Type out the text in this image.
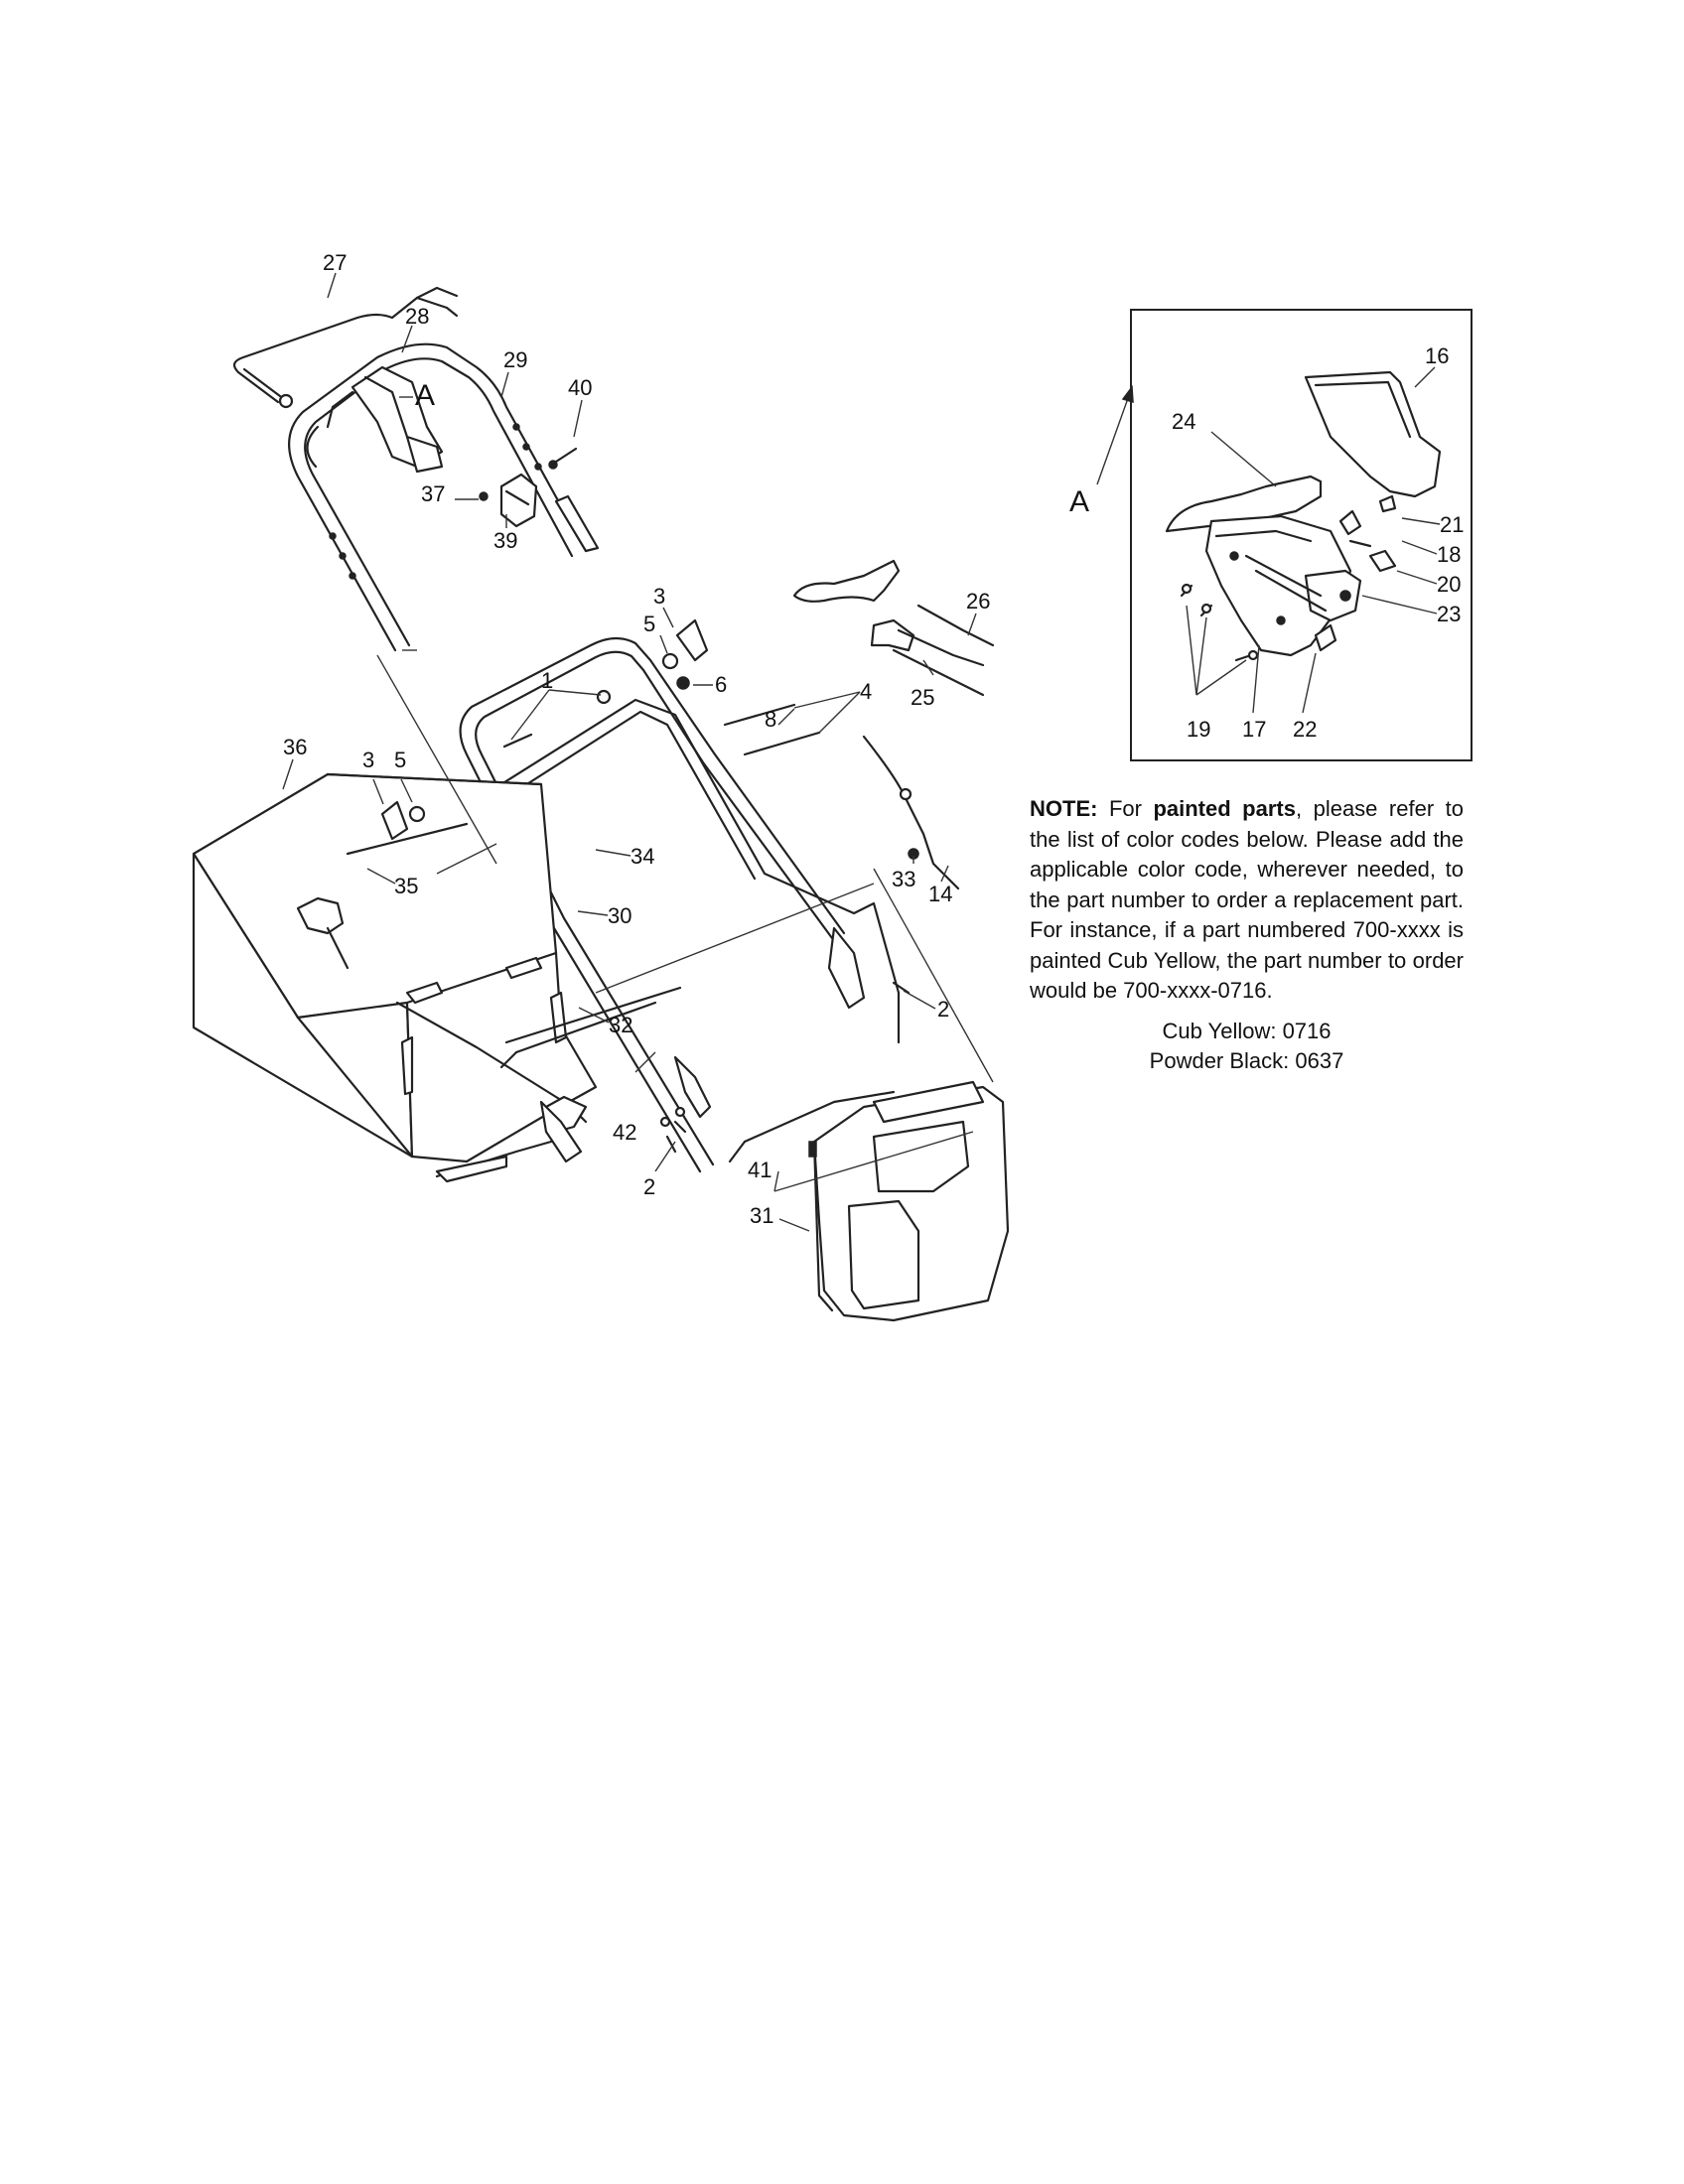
27
28
A
29
40
37
39
3
5
6
1
26
4
8
25
36
3 5
35
34
30
33
14
2
32
42
2
41
31
A
16
24
21
18
20
23
19 17 22
NOTE: For painted parts, please refer to the list of color codes below. Please add the applicable color code, wherever needed, to the part number to order a replacement part. For instance, if a part numbered 700-xxxx is painted Cub Yellow, the part number to order would be 700-xxxx-0716.
Cub Yellow: 0716
Powder Black: 0637
